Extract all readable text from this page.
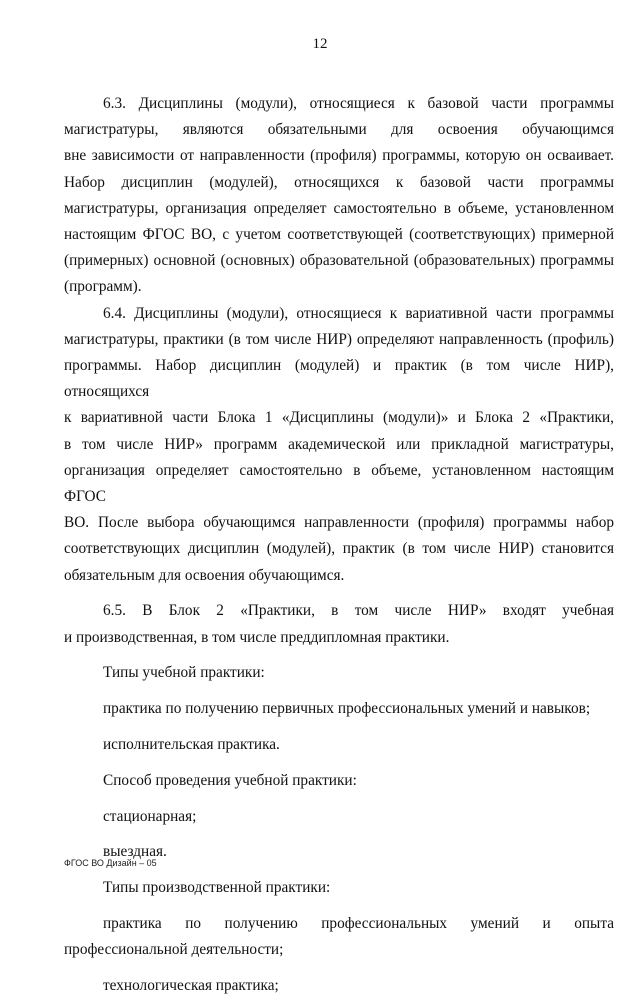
12
6.3. Дисциплины (модули), относящиеся к базовой части программы
магистратуры, являются обязательными для освоения обучающимся
вне зависимости от направленности (профиля) программы, которую он осваивает.
Набор дисциплин (модулей), относящихся к базовой части программы
магистратуры, организация определяет самостоятельно в объеме, установленном
настоящим ФГОС ВО, с учетом соответствующей (соответствующих) примерной
(примерных) основной (основных) образовательной (образовательных) программы
(программ).
6.4. Дисциплины (модули), относящиеся к вариативной части программы
магистратуры, практики (в том числе НИР) определяют направленность (профиль)
программы. Набор дисциплин (модулей) и практик (в том числе НИР), относящихся
к вариативной части Блока 1 «Дисциплины (модули)» и Блока 2 «Практики,
в том числе НИР» программ академической или прикладной магистратуры,
организация определяет самостоятельно в объеме, установленном настоящим ФГОС
ВО. После выбора обучающимся направленности (профиля) программы набор
соответствующих дисциплин (модулей), практик (в том числе НИР) становится
обязательным для освоения обучающимся.
6.5. В Блок 2 «Практики, в том числе НИР» входят учебная
и производственная, в том числе преддипломная практики.
Типы учебной практики:
практика по получению первичных профессиональных умений и навыков;
исполнительская практика.
Способ проведения учебной практики:
стационарная;
выездная.
Типы производственной практики:
практика по получению профессиональных умений и опыта
профессиональной деятельности;
технологическая практика;
ФГОС ВО Дизайн – 05
